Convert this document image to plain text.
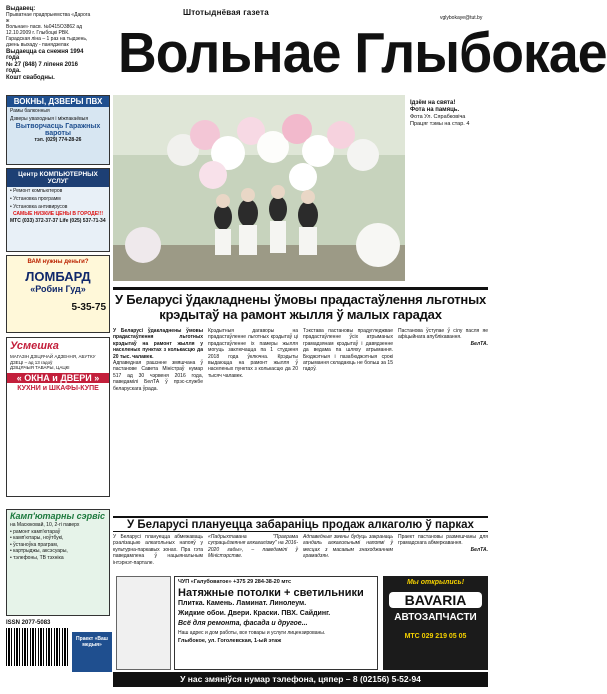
Выдавец:
Прыватнае прадпрыемства «Дарога ж
Вольнае» пасв. №0415О3862 ад
12.10.2009 г. Глыбоцкі РВК.
Гарадская ліна – 1 раз на тыдзень,
дзень выхаду - панядзелак
Выдаецца са снежня 1994 года
№ 27 (848) 7 ліпеня 2016 года.
Кошт свабодны.
Штотыднёвая газета
vglybokaye@tut.by
Вольнае Глыбокае
ВОКНЫ, ДЗВЕРЫ ПВХ
Рамы балконныя
Дзверы уваходныя і міжпакаёвыя
Вытворчасць Гаражных вароты
тэл. (029) 774-28-26
Центр КОМПЬЮТЕРНЫХ УСЛУГ
• Ремонт компьютеров
• Установка программ
• Установка антивирусов
САМЫЕ НИЗКИЕ ЦЕНЫ В ГОРОДЕ!!!
МТС (033) 372-37-37 Life (025) 537-71-34
ВАМ нужны деньги?
ЛОМБАРД
«Робин Гуд»
5-35-75
Усмешка
МАГАЗІН ДЗІЦЯЧАЙ АДЗЕННЯ, АБУТКУ
ДЗЕЦІ – ад 13 гадоў
ДЗІЦЯЧЫЯ ТАВАРЫ, ЦАЦКІ
« ОКНА и ДВЕРИ »
КУХНИ и ШКАФЫ-КУПЕ
Камп'ютарны сэрвіс
на Масюковай, 10, 2-гі паверх
• рамонт камп'ютараў
• камп'ютары, ноўтбукі,
• ўстаноўка праграм,
• картрыджы, аксэсуары,
• тэлефоны, ТВ тэхніка
ISSN 2077-5083
Праект «Ваш медыя»
Ідзём на свята!
Фота на памяць.
Фота Ул. Сярабковіча
Працяг тэмы на стар. 4
У Беларусі ўдакладнены ўмовы прадастаўлення льготных крэдытаў на рамонт жылля ў малых гарадах

У Беларусі ўдакладнены ўмовы прадастаўлення льготных крэдытаў на рамонт жылля у населеных пунктах з колькасцю да 20 тыс. чалавек.

Адпаведная рашэнне змяшчана ў пастанове Савета Міністраў нумар 517 ад 30 чэрвеня 2016 года, паведамілі БелТА ў прэс-службе беларускага ўрада.

Крэдытныя дагаворы на прадастаўленне льготных крэдытаў ці прадастаўленне іх памеры жылля могуць заключацца па 1 студзеня 2018 года ўключна. Крэдыты выдаюцца на рамонт жылля ў населеных пунктах з колькасцю да 20 тысяч чалавек.

Тэкстава пастановы прадугледжвае прадастаўленне ўсіх атрыманых грамадзянам крэдытаў і давядзенне да ведама па шляху атрымання. Бюджэтныя і пазабюджэтныя срокі атрымання складаюць не больш за 15 гадоў.

Пастанова ўступае ў сілу пасля яе афіцыйнага апублікавання.

БелТА.

У Беларусі плануецца забараніць продаж алкаголю ў парках

У Беларусі плануецца абмежаваць рэалізацыю алкагольных напояў у культурна-паркавых зонах. Пра гэта паведамлена ў нацыянальным інтэрнэт-партале.

«Падрыхтавана "Праграма супрацьдзеяння алкагалізму" на 2016-2020 гады», – паведамілі ў Міністэрстве.

Адпаведныя змены будуць закранаць гандаль алкагольнымі напоямі ў месцах з масавым знаходжаннем грамадзян.

Праект пастановы размешчаны для грамадскага абмеркавання.

БелТА.

ЧУП «Галубоватое» +375 29 284-38-20 мтс
Натяжные потолки + светильники
Плитка. Камень. Ламинат. Линолеум.
Жидкие обои. Двери. Краски. ПВХ. Сайдинг.
Всё для ремонта, фасада и другое...
Наш адрес и дом работы, все товары и услуги лицензированы.
Глыбокое, ул. Гоголевская, 1-ый этаж
Мы открылись!
BAVARIA
АВТОЗАПЧАСТИ
МТС 029 219 05 05
У нас змяніўся нумар тэлефона, цяпер – 8 (02156) 5-52-94
